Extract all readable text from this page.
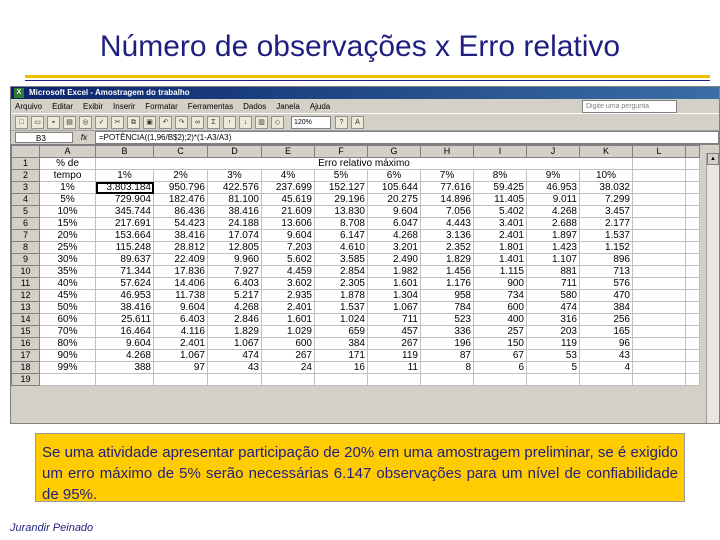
Número de observações x Erro relativo
X Microsoft Excel - Amostragem do trabalho
Arquivo Editar Exibir Inserir Formatar Ferramentas Dados Janela Ajuda	Digite uma pergunta
□	▭	▪	▤	◎	✓	✂	⧉	▣	↶	↷	∞	Σ	↑	↓	▥	◇	120%	?	A
B3	fx	=POTÊNCIA((1,96/B$2);2)*(1-A3/A3)
	A	B	C	D	E	F	G	H	I	J	K	L	
1	% de	Erro relativo máximo											
2	tempo	1%	2%	3%	4%	5%	6%	7%	8%	9%	10%		
3	1%	3.803.184	950.796	422.576	237.699	152.127	105.644	77.616	59.425	46.953	38.032		
4	5%	729.904	182.476	81.100	45.619	29.196	20.275	14.896	11.405	9.011	7.299		
5	10%	345.744	86.436	38.416	21.609	13.830	9.604	7.056	5.402	4.268	3.457		
6	15%	217.691	54.423	24.188	13.606	8.708	6.047	4.443	3.401	2.688	2.177		
7	20%	153.664	38.416	17.074	9.604	6.147	4.268	3.136	2.401	1.897	1.537		
8	25%	115.248	28.812	12.805	7.203	4.610	3.201	2.352	1.801	1.423	1.152		
9	30%	89.637	22.409	9.960	5.602	3.585	2.490	1.829	1.401	1.107	896		
10	35%	71.344	17.836	7.927	4.459	2.854	1.982	1.456	1.115	881	713		
11	40%	57.624	14.406	6.403	3.602	2.305	1.601	1.176	900	711	576		
12	45%	46.953	11.738	5.217	2.935	1.878	1.304	958	734	580	470		
13	50%	38.416	9.604	4.268	2.401	1.537	1.067	784	600	474	384		
14	60%	25.611	6.403	2.846	1.601	1.024	711	523	400	316	256		
15	70%	16.464	4.116	1.829	1.029	659	457	336	257	203	165		
16	80%	9.604	2.401	1.067	600	384	267	196	150	119	96		
17	90%	4.268	1.067	474	267	171	119	87	67	53	43		
18	99%	388	97	43	24	16	11	8	6	5	4		
19													
▲
Se uma atividade apresentar participação de 20% em uma amostragem preliminar, se é exigido um erro máximo de 5% serão necessárias 6.147 observações para um nível de confiabilidade de 95%.
Jurandir Peinado
